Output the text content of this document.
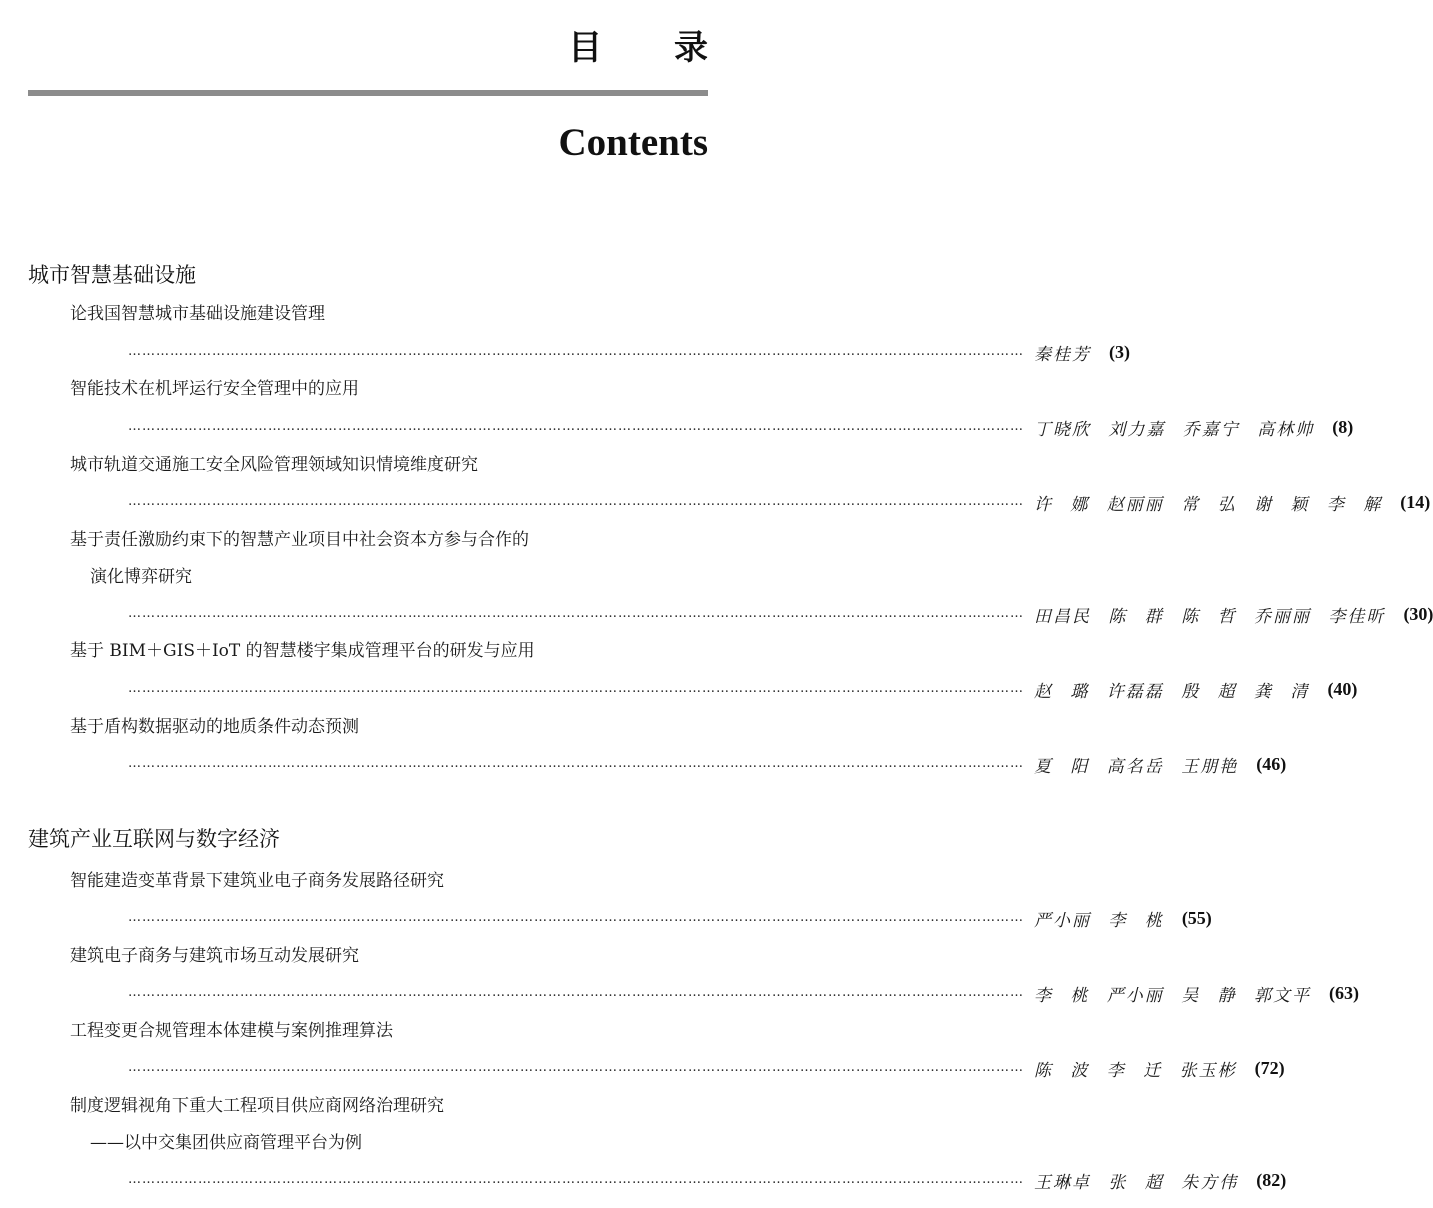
目 录
Contents
城市智慧基础设施
论我国智慧城市基础设施建设管理
………………………………………………………………………………………………………………………………………………………………………… 秦桂芳 (3)
智能技术在机坪运行安全管理中的应用
………………………………………………………………………………………………………………………………………………………………………… 丁晓欣 刘力嘉 乔嘉宁 高林帅 (8)
城市轨道交通施工安全风险管理领域知识情境维度研究
………………………………………………………………………………………………………………………………………………………………………… 许 娜 赵丽丽 常 弘 谢 颖 李 解 (14)
基于责任激励约束下的智慧产业项目中社会资本方参与合作的
演化博弈研究
………………………………………………………………………………………………………………………………………………………………………… 田昌民 陈 群 陈 哲 乔丽丽 李佳昕 (30)
基于 BIM＋GIS＋IoT 的智慧楼宇集成管理平台的研发与应用
………………………………………………………………………………………………………………………………………………………………………… 赵 璐 许磊磊 殷 超 龚 清 (40)
基于盾构数据驱动的地质条件动态预测
………………………………………………………………………………………………………………………………………………………………………… 夏 阳 高名岳 王朋艳 (46)
建筑产业互联网与数字经济
智能建造变革背景下建筑业电子商务发展路径研究
………………………………………………………………………………………………………………………………………………………………………… 严小丽 李 桃 (55)
建筑电子商务与建筑市场互动发展研究
………………………………………………………………………………………………………………………………………………………………………… 李 桃 严小丽 吴 静 郭文平 (63)
工程变更合规管理本体建模与案例推理算法
………………………………………………………………………………………………………………………………………………………………………… 陈 波 李 迁 张玉彬 (72)
制度逻辑视角下重大工程项目供应商网络治理研究
——以中交集团供应商管理平台为例
………………………………………………………………………………………………………………………………………………………………………… 王琳卓 张 超 朱方伟 (82)
